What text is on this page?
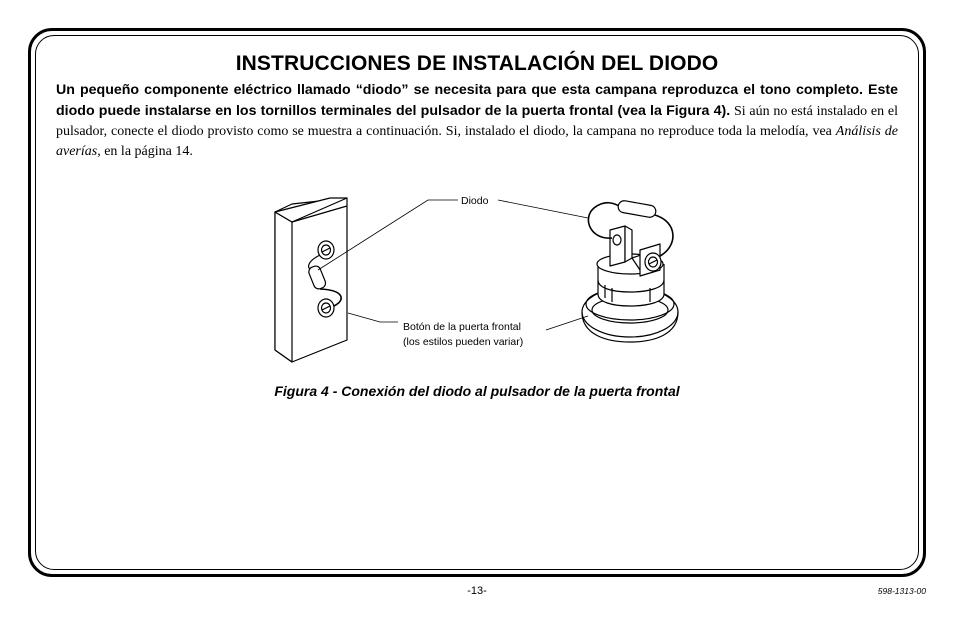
INSTRUCCIONES DE INSTALACIÓN DEL DIODO

Un pequeño componente eléctrico llamado “diodo” se necesita para que esta campana reproduzca el tono completo. Este diodo puede instalarse en los tornillos terminales del pulsador de la puerta frontal (vea la Figura 4). Si aún no está instalado en el pulsador, conecte el diodo provisto como se muestra a continuación. Si, instalado el diodo, la campana no reproduce toda la melodía, vea Análisis de averías, en la página 14.

Diodo
Botón de la puerta frontal
(los estilos pueden variar)

Figura 4 - Conexión del diodo al pulsador de la puerta frontal

-13-	598-1313-00
